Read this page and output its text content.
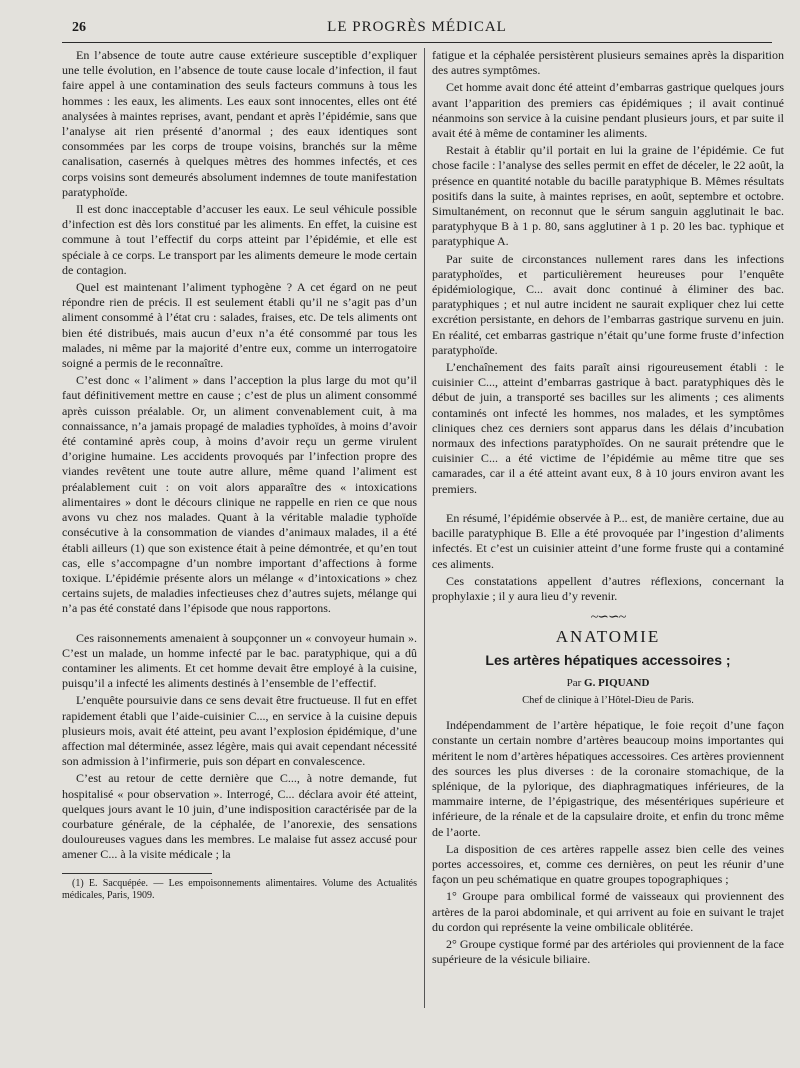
26	LE PROGRÈS MÉDICAL

En l’absence de toute autre cause extérieure susceptible d’expliquer une telle évolution, en l’absence de toute cause locale d’infection, il faut faire appel à une contamination des seuls facteurs communs à tous les hommes : les eaux, les aliments. Les eaux sont innocentes, elles ont été analysées à maintes reprises, avant, pendant et après l’épidémie, sans que l’analyse ait rien présenté d’anormal ; des eaux identiques sont consommées par les corps de troupe voisins, branchés sur la même canalisation, casernés à quelques mètres des hommes infectés, et ces corps voisins sont demeurés absolument indemnes de toute manifestation paratyphoïde.

Il est donc inacceptable d’accuser les eaux. Le seul véhicule possible d’infection est dès lors constitué par les aliments. En effet, la cuisine est commune à tout l’effectif du corps atteint par l’épidémie, et elle est spéciale à ce corps. Le transport par les aliments demeure le mode certain de contagion.

Quel est maintenant l’aliment typhogène ? A cet égard on ne peut répondre rien de précis. Il est seulement établi qu’il ne s’agit pas d’un aliment consommé à l’état cru : salades, fraises, etc. De tels aliments ont bien été distribués, mais aucun d’eux n’a été consommé par tous les malades, ni même par la majorité d’entre eux, comme un interrogatoire soigné a permis de le reconnaître.

C’est donc « l’aliment » dans l’acception la plus large du mot qu’il faut définitivement mettre en cause ; c’est de plus un aliment consommé après cuisson préalable. Or, un aliment convenablement cuit, à ma connaissance, n’a jamais propagé de maladies typhoïdes, à moins d’avoir été contaminé après coup, à moins d’avoir reçu un germe virulent d’origine humaine. Les accidents provoqués par l’infection propre des viandes revêtent une toute autre allure, même quand l’aliment est préalablement cuit : on voit alors apparaître des « intoxications alimentaires » dont le décours clinique ne rappelle en rien ce que nous avons vu chez nos malades. Quant à la véritable maladie typhoïde consécutive à la consommation de viandes d’animaux malades, il a été établi ailleurs (1) que son existence était à peine démontrée, et qu’en tout cas, elle s’accompagne d’un nombre important d’affections à forme toxique. L’épidémie présente alors un mélange « d’intoxications » chez certains sujets, de maladies infectieuses chez d’autres sujets, mélange qui n’a pas été constaté dans l’épisode que nous rapportons.

Ces raisonnements amenaient à soupçonner un « convoyeur humain ». C’est un malade, un homme infecté par le bac. paratyphique, qui a dû contaminer les aliments. Et cet homme devait être employé à la cuisine, puisqu’il a infecté les aliments destinés à l’ensemble de l’effectif.

L’enquête poursuivie dans ce sens devait être fructueuse. Il fut en effet rapidement établi que l’aide-cuisinier C..., en service à la cuisine depuis plusieurs mois, avait été atteint, peu avant l’explosion épidémique, d’une affection mal déterminée, assez légère, mais qui avait cependant nécessité son admission à l’infirmerie, puis son départ en convalescence.

C’est au retour de cette dernière que C..., à notre demande, fut hospitalisé « pour observation ». Interrogé, C... déclara avoir été atteint, quelques jours avant le 10 juin, d’une indisposition caractérisée par de la courbature générale, de la céphalée, de l’anorexie, des sensations douloureuses vagues dans les membres. Le malaise fut assez accusé pour amener C... à la visite médicale ; la

(1) E. Sacquépée. — Les empoisonnements alimentaires. Volume des Actualités médicales, Paris, 1909.

fatigue et la céphalée persistèrent plusieurs semaines après la disparition des autres symptômes.

Cet homme avait donc été atteint d’embarras gastrique quelques jours avant l’apparition des premiers cas épidémiques ; il avait continué néanmoins son service à la cuisine pendant plusieurs jours, et par suite il avait été à même de contaminer les aliments.

Restait à établir qu’il portait en lui la graine de l’épidémie. Ce fut chose facile : l’analyse des selles permit en effet de déceler, le 22 août, la présence en quantité notable du bacille paratyphique B. Mêmes résultats positifs dans la suite, à maintes reprises, en août, septembre et octobre. Simultanément, on reconnut que le sérum sanguin agglutinait le bac. paratyphyque B à 1 p. 80, sans agglutiner à 1 p. 20 les bac. typhique et paratyphique A.

Par suite de circonstances nullement rares dans les infections paratyphoïdes, et particulièrement heureuses pour l’enquête épidémiologique, C... avait donc continué à éliminer des bac. paratyphiques ; et nul autre incident ne saurait expliquer chez lui cette excrétion persistante, en dehors de l’embarras gastrique survenu en juin. En réalité, cet embarras gastrique n’était qu’une forme fruste d’infection paratyphoïde.

L’enchaînement des faits paraît ainsi rigoureusement établi : le cuisinier C..., atteint d’embarras gastrique à bact. paratyphiques dès le début de juin, a transporté ses bacilles sur les aliments ; ces aliments contaminés ont infecté les hommes, nos malades, et les symptômes cliniques chez ces derniers sont apparus dans les délais d’incubation normaux des infections paratyphoïdes. On ne saurait prétendre que le cuisinier C... a été victime de l’épidémie au même titre que ses camarades, car il a été atteint avant eux, 8 à 10 jours environ avant les premiers.

En résumé, l’épidémie observée à P... est, de manière certaine, due au bacille paratyphique B. Elle a été provoquée par l’ingestion d’aliments infectés. Et c’est un cuisinier atteint d’une forme fruste qui a contaminé ces aliments.

Ces constatations appellent d’autres réflexions, concernant la prophylaxie ; il y aura lieu d’y revenir.

~∽∽~
ANATOMIE
Les artères hépatiques accessoires ;
Par G. PIQUAND
Chef de clinique à l’Hôtel-Dieu de Paris.

Indépendamment de l’artère hépatique, le foie reçoit d’une façon constante un certain nombre d’artères beaucoup moins importantes qui méritent le nom d’artères hépatiques accessoires. Ces artères proviennent des sources les plus diverses : de la coronaire stomachique, de la splénique, de la pylorique, des diaphragmatiques inférieures, de la mammaire interne, de l’épigastrique, des mésentériques supérieure et inférieure, de la rénale et de la capsulaire droite, et enfin du tronc même de l’aorte.

La disposition de ces artères rappelle assez bien celle des veines portes accessoires, et, comme ces dernières, on peut les réunir d’une façon un peu schématique en quatre groupes topographiques ;

1° Groupe para ombilical formé de vaisseaux qui proviennent des artères de la paroi abdominale, et qui arrivent au foie en suivant le trajet du cordon qui représente la veine ombilicale oblitérée.

2° Groupe cystique formé par des artérioles qui proviennent de la face supérieure de la vésicule biliaire.
